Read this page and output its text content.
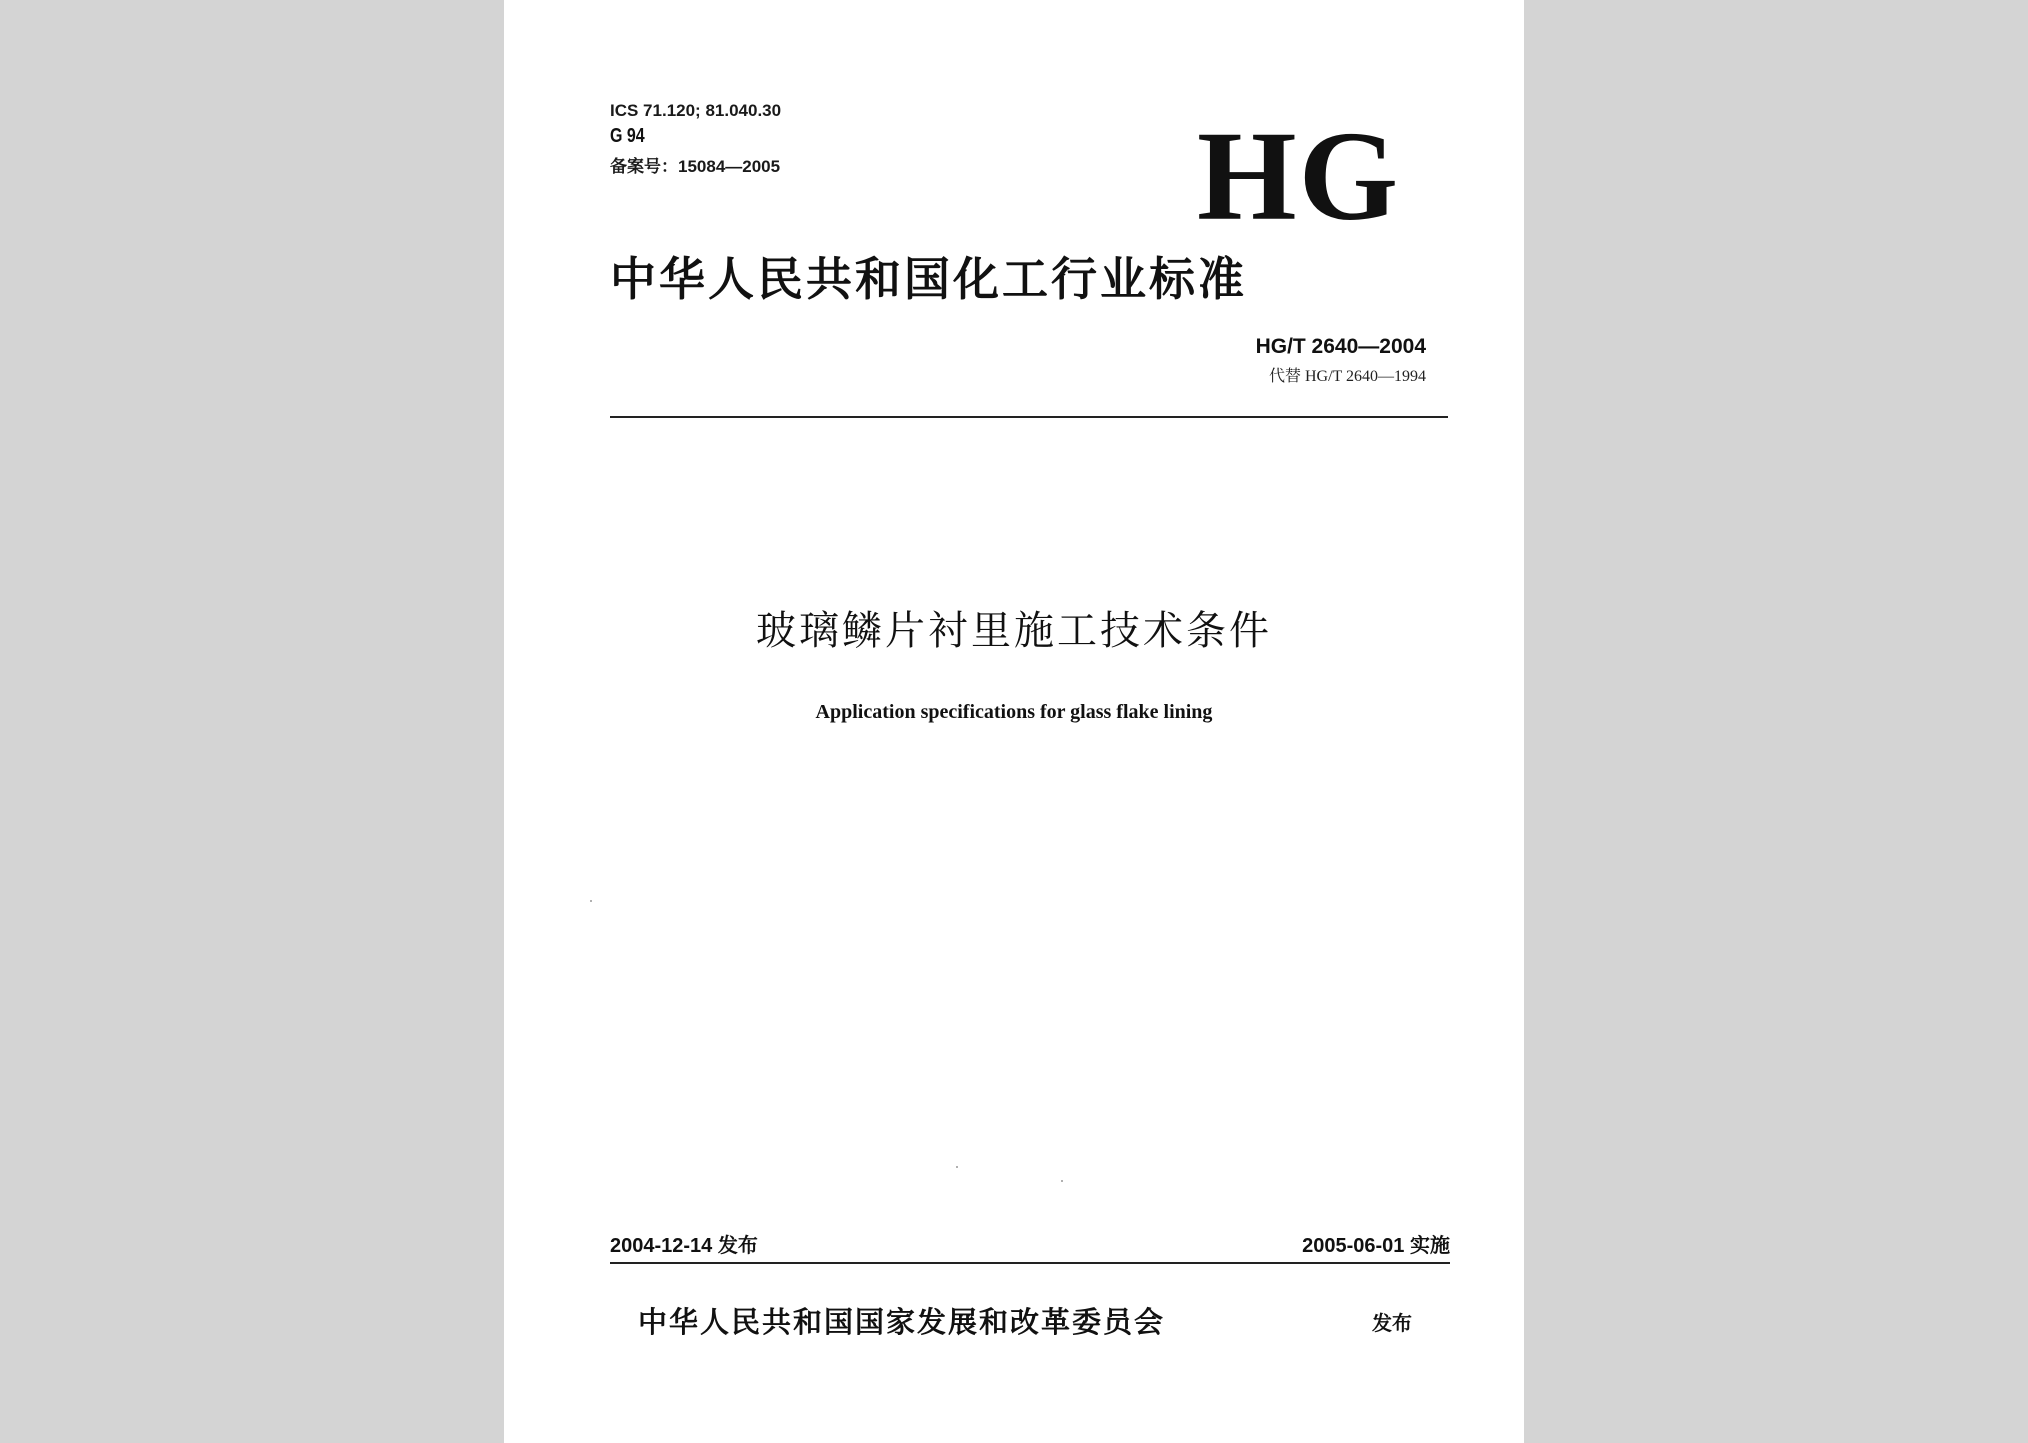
ICS 71.120; 81.040.30
G 94
备案号：15084—2005	HG
中华人民共和国化工行业标准
HG/T 2640—2004
代替 HG/T 2640—1994
玻璃鳞片衬里施工技术条件
Application specifications for glass flake lining
2004-12-14 发布	2005-06-01 实施
中华人民共和国国家发展和改革委员会	发布
